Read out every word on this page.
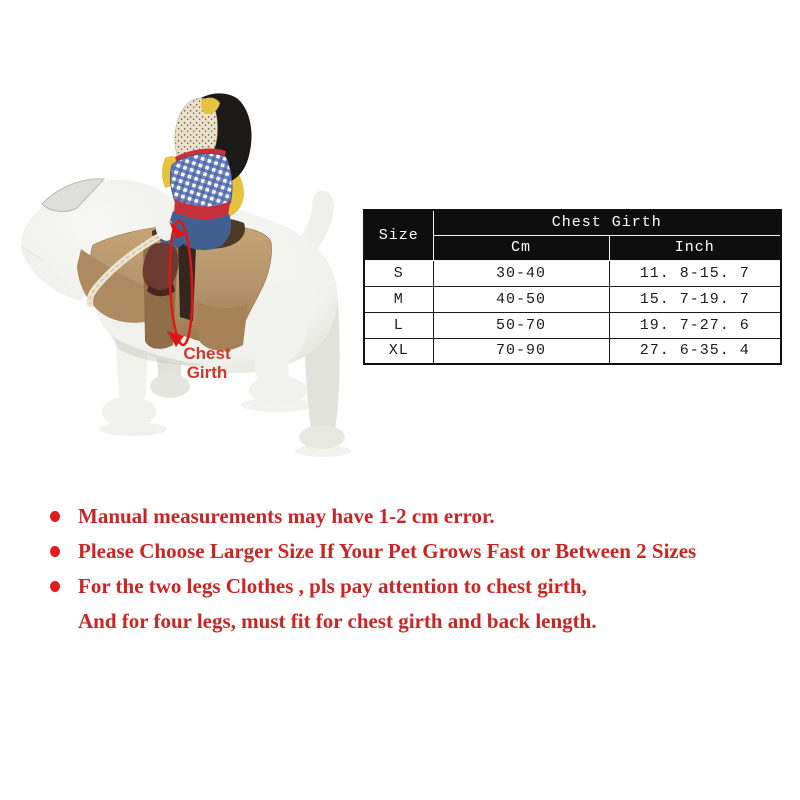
Chest Girth
Size	Chest Girth	
	Cm	Inch
S	30-40	11. 8-15. 7
M	40-50	15. 7-19. 7
L	50-70	19. 7-27. 6
XL	70-90	27. 6-35. 4
Manual measurements may have 1-2 cm error.
Please Choose Larger Size If Your Pet Grows Fast or Between 2 Sizes
For the two legs Clothes , pls pay attention to chest girth,
And for four legs, must fit for chest girth and back length.
